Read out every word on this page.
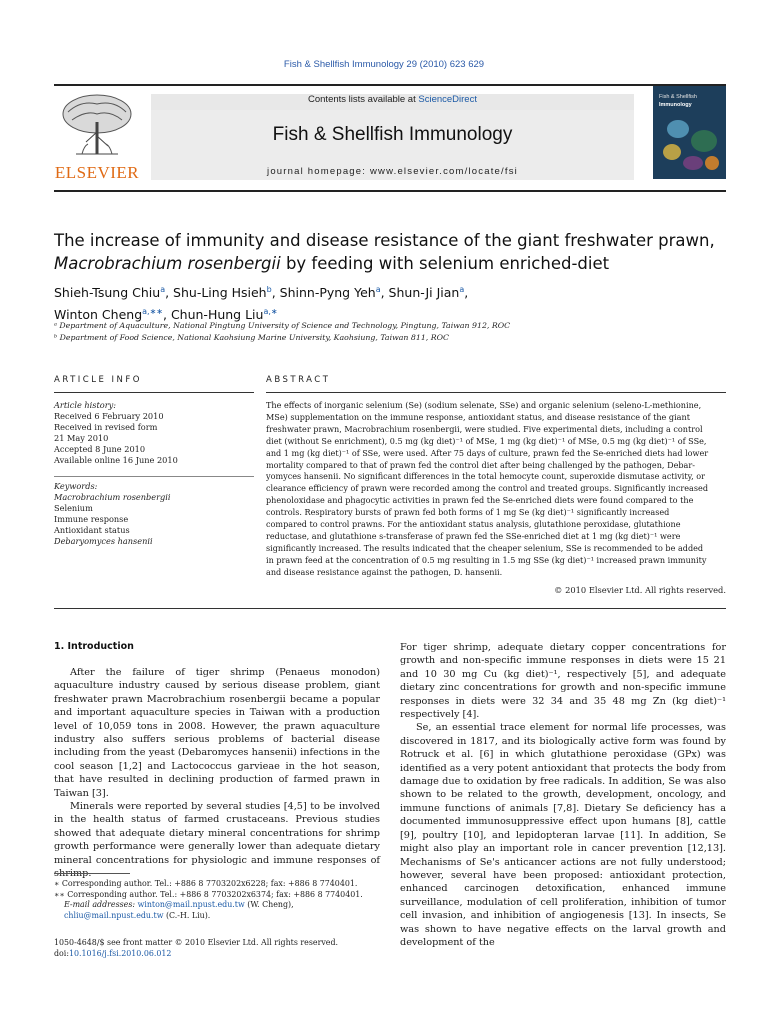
Fish & Shellfish Immunology 29 (2010) 623 629
ELSEVIER
Contents lists available at ScienceDirect
Fish & Shellfish Immunology
journal homepage: www.elsevier.com/locate/fsi
Fish & Shellfish
Immunology
The increase of immunity and disease resistance of the giant freshwater prawn,
Macrobrachium rosenbergii by feeding with selenium enriched-diet
Shieh-Tsung Chiu$^a$, Shu-Ling Hsieh$^b$, Shinn-Pyng Yeh$^a$, Shun-Ji Jian$^a$,
Winton Cheng$^{a,∗∗}$, Chun-Hung Liu$^{a,∗}$
ᵃ Department of Aquaculture, National Pingtung University of Science and Technology, Pingtung, Taiwan 912, ROC
ᵇ Department of Food Science, National Kaohsiung Marine University, Kaohsiung, Taiwan 811, ROC
ARTICLE INFO
Article history:
Received 6 February 2010
Received in revised form
21 May 2010
Accepted 8 June 2010
Available online 16 June 2010
Keywords:
Macrobrachium rosenbergii
Selenium
Immune response
Antioxidant status
Debaryomyces hansenii
ABSTRACT
The effects of inorganic selenium (Se) (sodium selenate, SSe) and organic selenium (seleno-L-methionine,
MSe) supplementation on the immune response, antioxidant status, and disease resistance of the giant
freshwater prawn, Macrobrachium rosenbergii, were studied. Five experimental diets, including a control
diet (without Se enrichment), 0.5 mg (kg diet)⁻¹ of MSe, 1 mg (kg diet)⁻¹ of MSe, 0.5 mg (kg diet)⁻¹ of SSe,
and 1 mg (kg diet)⁻¹ of SSe, were used. After 75 days of culture, prawn fed the Se-enriched diets had lower
mortality compared to that of prawn fed the control diet after being challenged by the pathogen, Debar-
yomyces hansenii. No significant differences in the total hemocyte count, superoxide dismutase activity, or
clearance efficiency of prawn were recorded among the control and treated groups. Significantly increased
phenoloxidase and phagocytic activities in prawn fed the Se-enriched diets were found compared to the
controls. Respiratory bursts of prawn fed both forms of 1 mg Se (kg diet)⁻¹ significantly increased
compared to control prawns. For the antioxidant status analysis, glutathione peroxidase, glutathione
reductase, and glutathione s-transferase of prawn fed the SSe-enriched diet at 1 mg (kg diet)⁻¹ were
significantly increased. The results indicated that the cheaper selenium, SSe is recommended to be added
in prawn feed at the concentration of 0.5 mg resulting in 1.5 mg SSe (kg diet)⁻¹ increased prawn immunity
and disease resistance against the pathogen, D. hansenii.
© 2010 Elsevier Ltd. All rights reserved.
1. Introduction

After the failure of tiger shrimp (Penaeus monodon) aquaculture industry caused by serious disease problem, giant freshwater prawn Macrobrachium rosenbergii became a popular and important aquaculture species in Taiwan with a production level of 10,059 tons in 2008. However, the prawn aquaculture industry also suffers serious problems of bacterial disease including from the yeast (Debaromyces hansenii) infections in the cool season [1,2] and Lactococcus garvieae in the hot season, that have resulted in declining production of farmed prawn in Taiwan [3].

Minerals were reported by several studies [4,5] to be involved in the health status of farmed crustaceans. Previous studies showed that adequate dietary mineral concentrations for shrimp growth performance were generally lower than adequate dietary mineral concentrations for physiologic and immune responses of shrimp.

For tiger shrimp, adequate dietary copper concentrations for growth and non-specific immune responses in diets were 15 21 and 10 30 mg Cu (kg diet)⁻¹, respectively [5], and adequate dietary zinc concentrations for growth and non-specific immune responses in diets were 32 34 and 35 48 mg Zn (kg diet)⁻¹ respectively [4].

Se, an essential trace element for normal life processes, was discovered in 1817, and its biologically active form was found by Rotruck et al. [6] in which glutathione peroxidase (GPx) was identified as a very potent antioxidant that protects the body from damage due to oxidation by free radicals. In addition, Se was also shown to be related to the growth, development, oncology, and immune functions of animals [7,8]. Dietary Se deficiency has a documented immunosuppressive effect upon humans [8], cattle [9], poultry [10], and lepidopteran larvae [11]. In addition, Se might also play an important role in cancer prevention [12,13]. Mechanisms of Se's anticancer actions are not fully understood; however, several have been proposed: antioxidant protection, enhanced carcinogen detoxification, enhanced immune surveillance, modulation of cell proliferation, inhibition of tumor cell invasion, and inhibition of angiogenesis [13]. In insects, Se was shown to have negative effects on the larval growth and development of the

∗ Corresponding author. Tel.: +886 8 7703202x6228; fax: +886 8 7740401.
∗∗ Corresponding author. Tel.: +886 8 7703202x6374; fax: +886 8 7740401.
E-mail addresses: winton@mail.npust.edu.tw (W. Cheng), chliu@mail.npust.edu.tw (C.-H. Liu).
1050-4648/$ see front matter © 2010 Elsevier Ltd. All rights reserved.
doi:10.1016/j.fsi.2010.06.012
